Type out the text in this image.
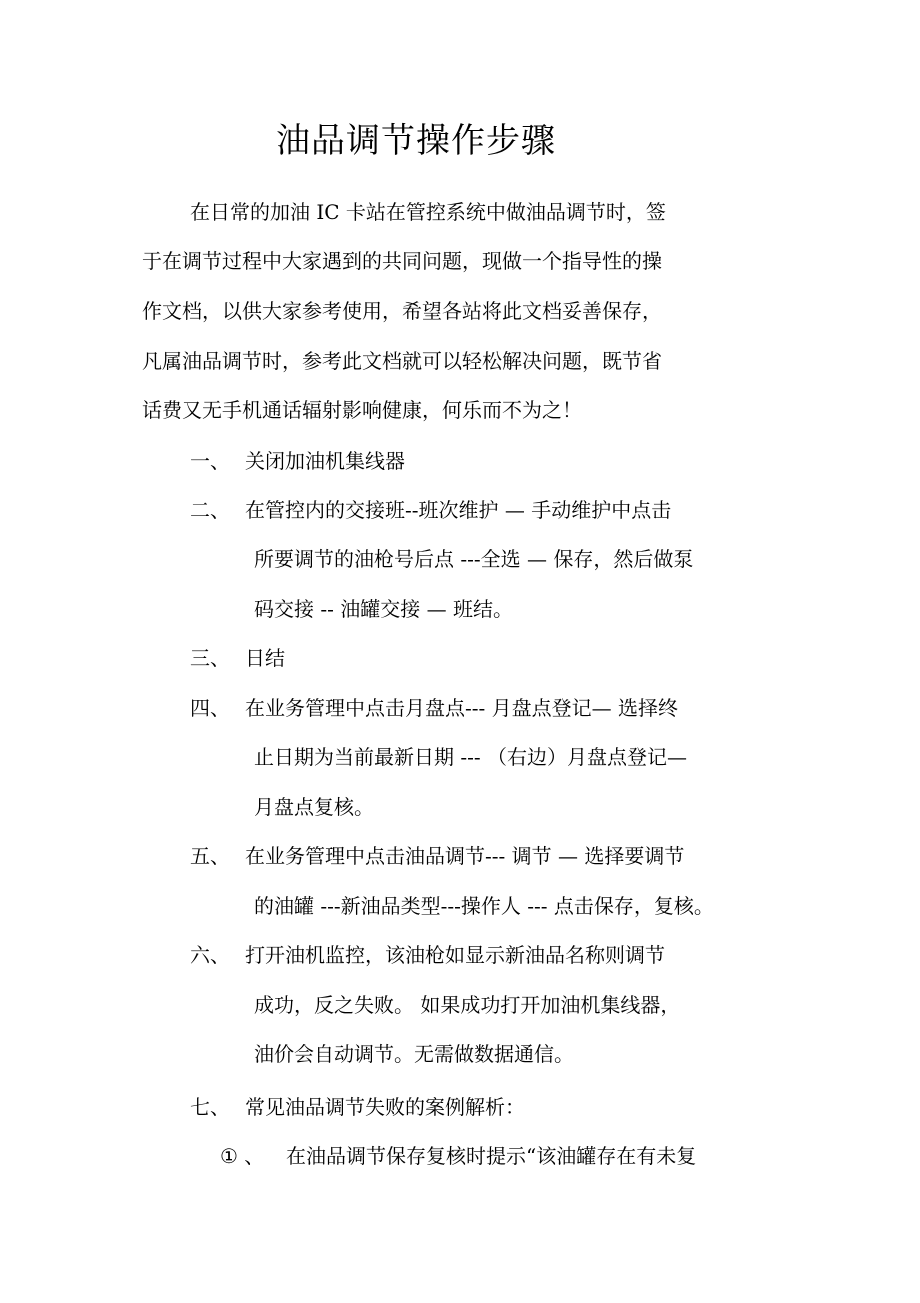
油品调节操作步骤
在日常的加油 IC 卡站在管控系统中做油品调节时，签
于在调节过程中大家遇到的共同问题，现做一个指导性的操
作文档，以供大家参考使用，希望各站将此文档妥善保存，
凡属油品调节时，参考此文档就可以轻松解决问题，既节省
话费又无手机通话辐射影响健康，何乐而不为之！
一、 关闭加油机集线器
二、 在管控内的交接班--班次维护 — 手动维护中点击
所要调节的油枪号后点 ---全选 — 保存，然后做泵
码交接 -- 油罐交接 — 班结。
三、 日结
四、 在业务管理中点击月盘点--- 月盘点登记— 选择终
止日期为当前最新日期 --- （右边）月盘点登记—
月盘点复核。
五、 在业务管理中点击油品调节--- 调节 — 选择要调节
的油罐 ---新油品类型---操作人 --- 点击保存，复核。
六、 打开油机监控，该油枪如显示新油品名称则调节
成功，反之失败。 如果成功打开加油机集线器，
油价会自动调节。无需做数据通信。
七、 常见油品调节失败的案例解析：
① 、 在油品调节保存复核时提示“该油罐存在有未复
